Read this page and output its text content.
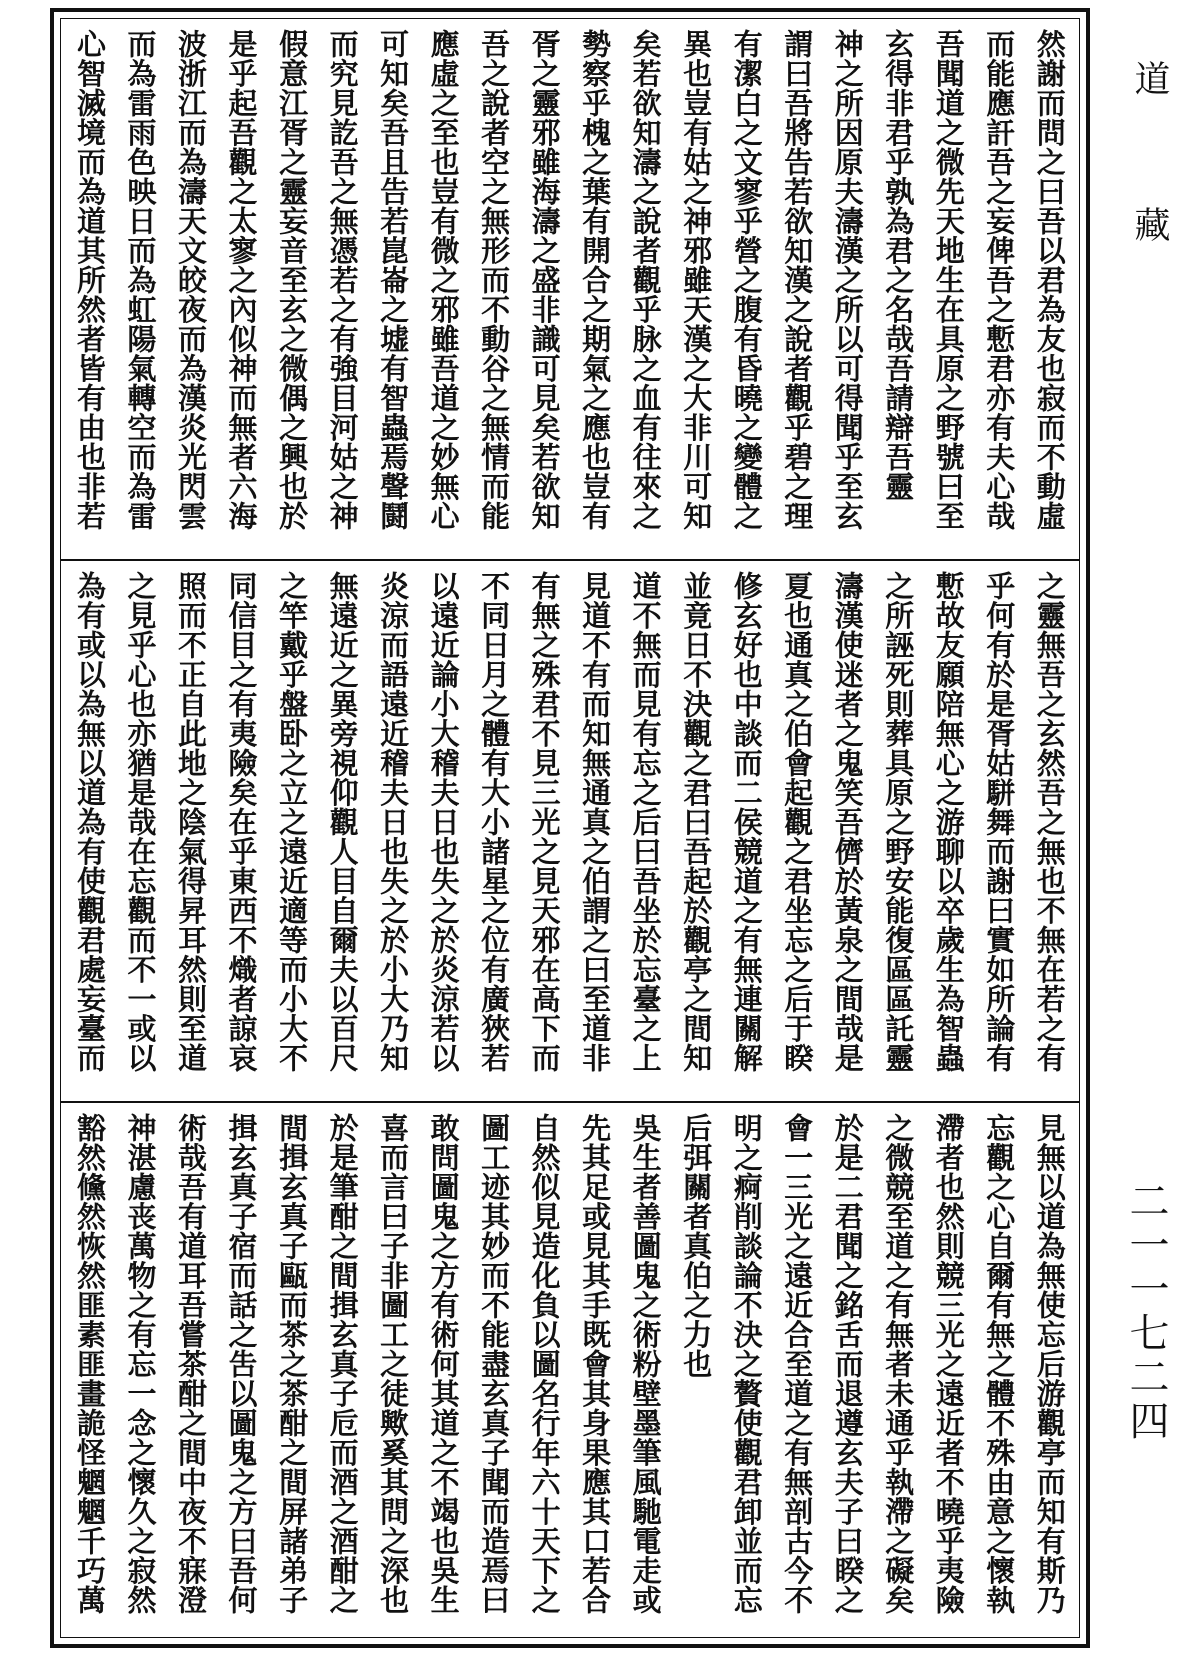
然謝而問之曰吾以君為友也寂而不動虛
而能應訐吾之妄俾吾之慙君亦有夫心哉
吾聞道之微先天地生在具原之野號曰至
玄得非君乎孰為君之名哉吾請辯吾靈
神之所因原夫濤漢之所以可得聞乎至玄
謂曰吾將告若欲知漢之說者觀乎碧之理
有潔白之文寥乎營之腹有昏曉之變體之
異也豈有姑之神邪雖天漢之大非川可知
矣若欲知濤之說者觀乎脉之血有往來之
勢察乎槐之葉有開合之期氣之應也豈有
胥之靈邪雖海濤之盛非識可見矣若欲知
吾之說者空之無形而不動谷之無情而能
應虛之至也豈有微之邪雖吾道之妙無心
可知矣吾且告若崑崙之墟有智蟲焉聲鬪
而究見訖吾之無憑若之有強目河姑之神
假意江胥之靈妄音至玄之微偶之興也於
是乎起吾觀之太寥之內似神而無者六海
波浙江而為濤天文皎夜而為漢炎光閃雲
而為雷雨色映日而為虹陽氣轉空而為雷
心智滅境而為道其所然者皆有由也非若
之靈無吾之玄然吾之無也不無在若之有
乎何有於是胥姑駢舞而謝曰實如所論有
慙故友願陪無心之游聊以卒歲生為智蟲
之所誣死則葬具原之野安能復區區託靈
濤漢使迷者之鬼笑吾儕於黃泉之間哉是
夏也通真之伯會起觀之君坐忘之后于睽
修玄好也中談而二侯競道之有無連關解
並竟日不決觀之君曰吾起於觀亭之間知
道不無而見有忘之后曰吾坐於忘臺之上
見道不有而知無通真之伯謂之曰至道非
有無之殊君不見三光之見天邪在高下而
不同日月之體有大小諸星之位有廣狹若
以遠近論小大稽夫日也失之於炎涼若以
炎涼而語遠近稽夫日也失之於小大乃知
無遠近之異旁視仰觀人目自爾夫以百尺
之竿戴乎盤卧之立之遠近適等而小大不
同信目之有夷險矣在乎東西不熾者諒哀
照而不正自此地之陰氣得昇耳然則至道
之見乎心也亦猶是哉在忘觀而不一或以
為有或以為無以道為有使觀君處妄臺而
見無以道為無使忘后游觀亭而知有斯乃
忘觀之心自爾有無之體不殊由意之懷執
滯者也然則競三光之遠近者不曉乎夷險
之微競至道之有無者未通乎執滯之礙矣
於是二君聞之銘舌而退遵玄夫子曰睽之
會一三光之遠近合至道之有無剖古今不
明之痾削談論不決之贅使觀君卸並而忘
后弭關者真伯之力也
吳生者善圖鬼之術粉壁墨筆風馳電走或
先其足或見其手既會其身果應其口若合
自然似見造化負以圖名行年六十天下之
圖工迹其妙而不能盡玄真子聞而造焉曰
敢問圖鬼之方有術何其道之不竭也吳生
喜而言曰子非圖工之徒歟奚其問之深也
於是筆酣之間揖玄真子卮而酒之酒酣之
間揖玄真子甌而茶之茶酣之間屏諸弟子
揖玄真子宿而話之吿以圖鬼之方曰吾何
術哉吾有道耳吾嘗茶酣之間中夜不寐澄
神湛慮丧萬物之有忘一念之懷久之寂然
豁然儵然恢然匪素匪畫詭怪魍魍千巧萬
道藏
二一一七二四
